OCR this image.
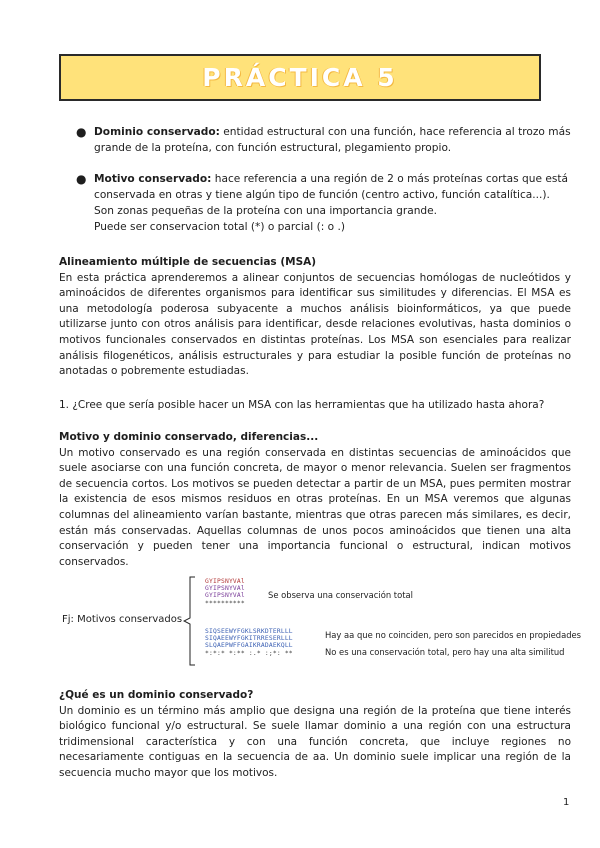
PRÁCTICA 5
● Dominio conservado: entidad estructural con una función, hace referencia al trozo más
grande de la proteína, con función estructural, plegamiento propio.
● Motivo conservado: hace referencia a una región de 2 o más proteínas cortas que está
conservada en otras y tiene algún tipo de función (centro activo, función catalítica...).
Son zonas pequeñas de la proteína con una importancia grande.
Puede ser conservacion total (*) o parcial (: o .)
Alineamiento múltiple de secuencias (MSA)
En esta práctica aprenderemos a alinear conjuntos de secuencias homólogas de nucleótidos y aminoácidos de diferentes organismos para identificar sus similitudes y diferencias. El MSA es una metodología poderosa subyacente a muchos análisis bioinformáticos, ya que puede utilizarse junto con otros análisis para identificar, desde relaciones evolutivas, hasta dominios o motivos funcionales conservados en distintas proteínas. Los MSA son esenciales para realizar análisis filogenéticos, análisis estructurales y para estudiar la posible función de proteínas no anotadas o pobremente estudiadas.
1. ¿Cree que sería posible hacer un MSA con las herramientas que ha utilizado hasta ahora?
Motivo y dominio conservado, diferencias...
Un motivo conservado es una región conservada en distintas secuencias de aminoácidos que suele asociarse con una función concreta, de mayor o menor relevancia. Suelen ser fragmentos de secuencia cortos. Los motivos se pueden detectar a partir de un MSA, pues permiten mostrar la existencia de esos mismos residuos en otras proteínas. En un MSA veremos que algunas columnas del alineamiento varían bastante, mientras que otras parecen más similares, es decir, están más conservadas. Aquellas columnas de unos pocos aminoácidos que tienen una alta conservación y pueden tener una importancia funcional o estructural, indican motivos conservados.
Fj: Motivos conservados
GYIPSNYVAl
GYIPSNYVAl
GYIPSNYVAl
**********
Se observa una conservación total
SIQSEEWYFGKLSRKDTERLLL
SIQAEEWYFGKITRRESERLLL
SLQAEPWFFGAIKRADAEKQLL
*:*:* *:** :.* :;*: **
Hay aa que no coinciden, pero son parecidos en propiedades
No es una conservación total, pero hay una alta similitud
¿Qué es un dominio conservado?
Un dominio es un término más amplio que designa una región de la proteína que tiene interés biológico funcional y/o estructural. Se suele llamar dominio a una región con una estructura tridimensional característica y con una función concreta, que incluye regiones no necesariamente contiguas en la secuencia de aa. Un dominio suele implicar una región de la secuencia mucho mayor que los motivos.
1
